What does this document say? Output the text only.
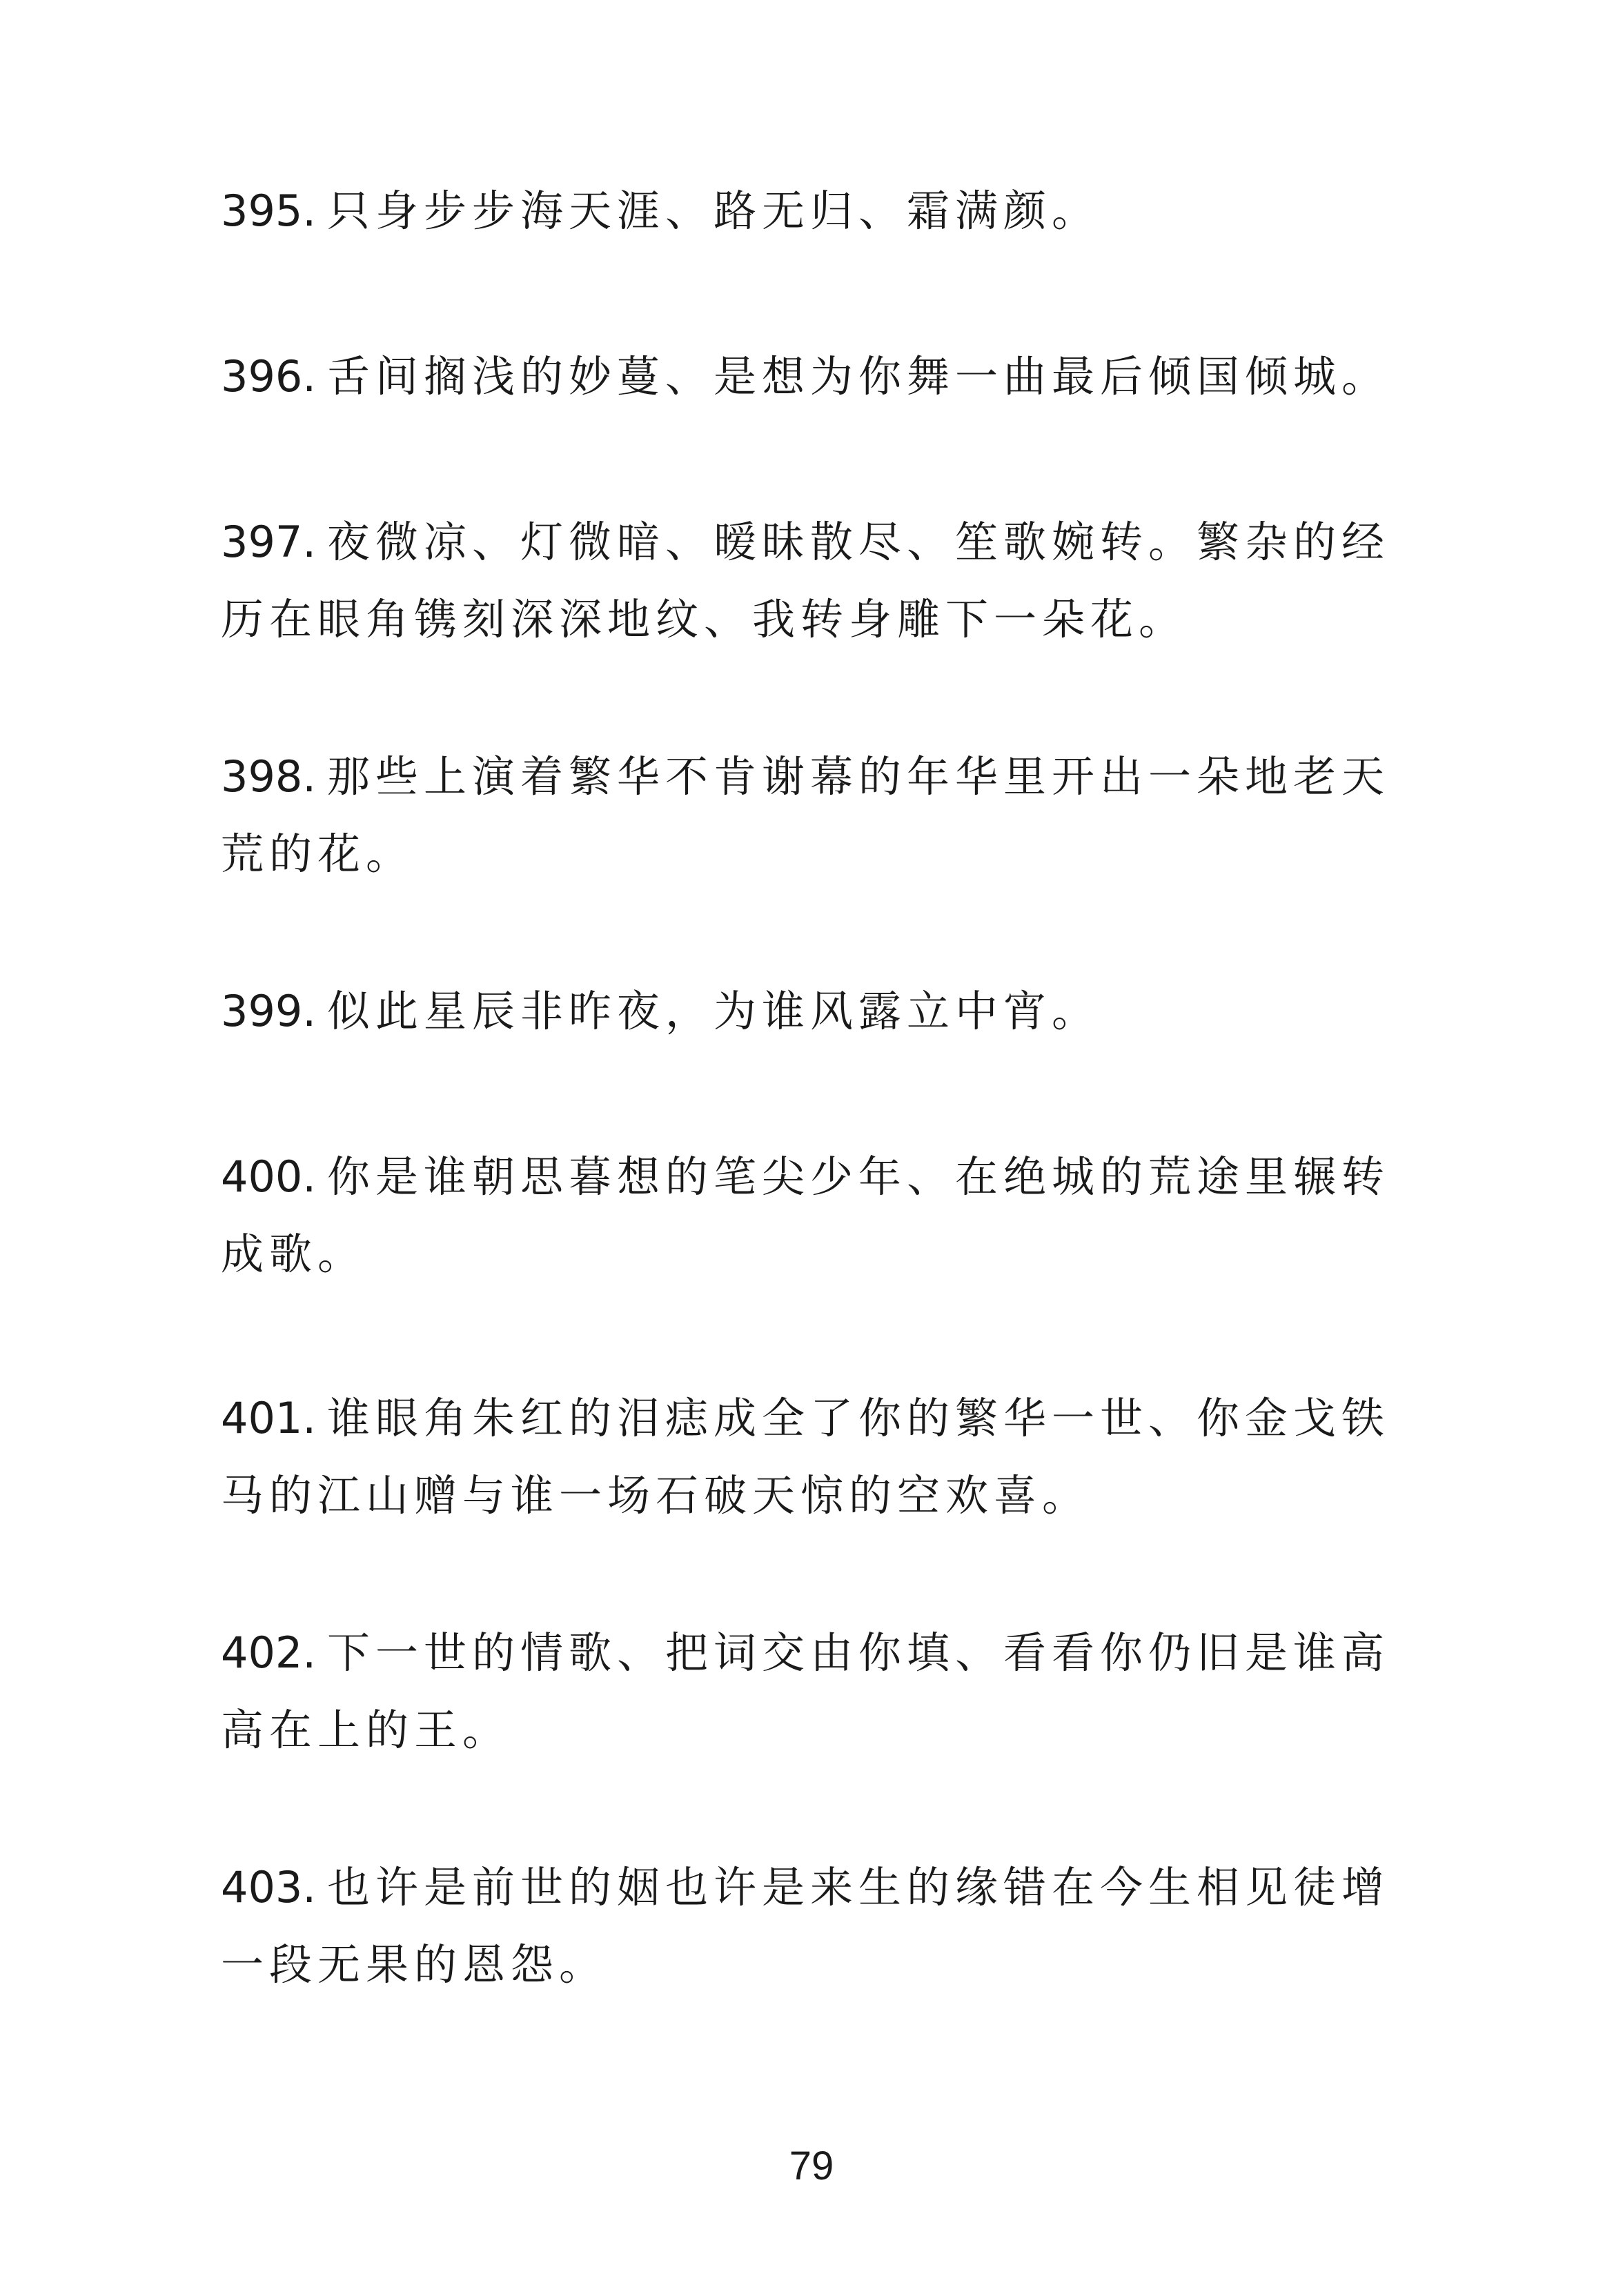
395. 只身步步海天涯、路无归、霜满颜。

396. 舌间搁浅的妙蔓、是想为你舞一曲最后倾国倾城。

397. 夜微凉、灯微暗、暧昧散尽、笙歌婉转。繁杂的经历在眼角镌刻深深地纹、我转身雕下一朵花。

398. 那些上演着繁华不肯谢幕的年华里开出一朵地老天荒的花。

399. 似此星辰非昨夜，为谁风露立中宵。

400. 你是谁朝思暮想的笔尖少年、在绝城的荒途里辗转成歌。

401. 谁眼角朱红的泪痣成全了你的繁华一世、你金戈铁马的江山赠与谁一场石破天惊的空欢喜。

402. 下一世的情歌、把词交由你填、看看你仍旧是谁高高在上的王。

403. 也许是前世的姻也许是来生的缘错在今生相见徒增一段无果的恩怨。

79
